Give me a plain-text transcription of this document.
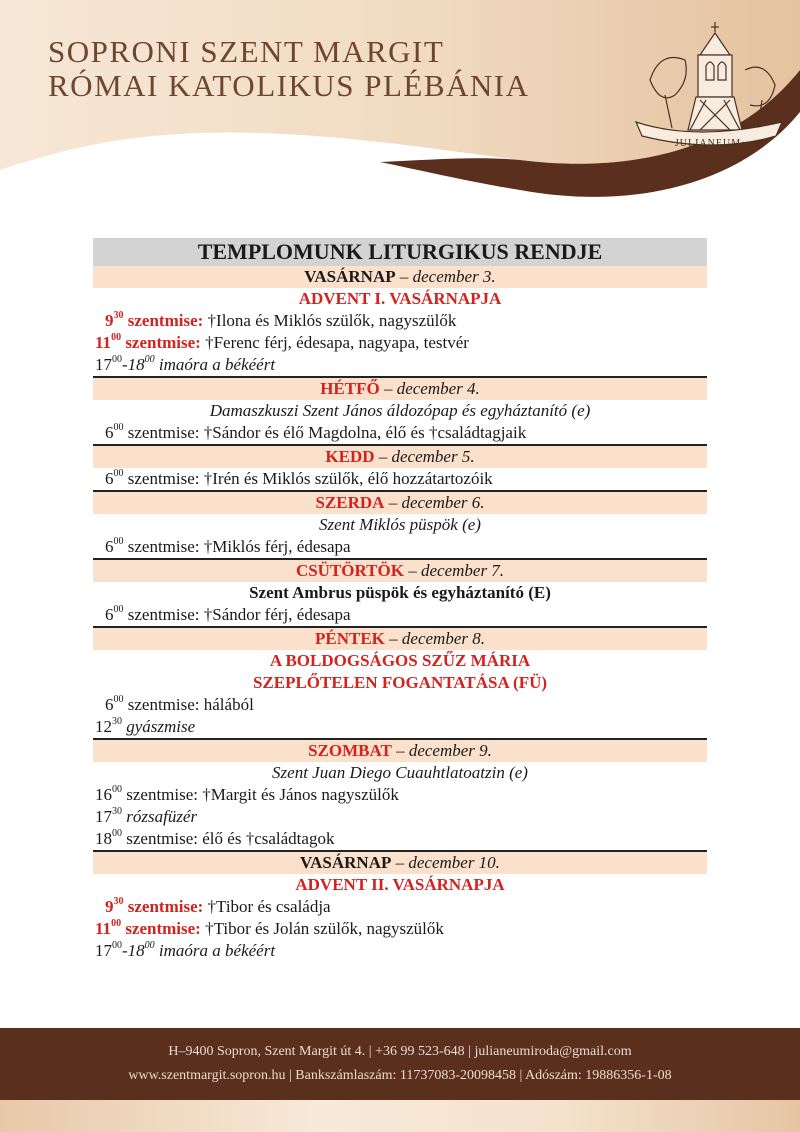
SOPRONI SZENT MARGIT
RÓMAI KATOLIKUS PLÉBÁNIA
·JULIANEUM·
TEMPLOMUNK LITURGIKUS RENDJE
VASÁRNAP – december 3.
ADVENT I. VASÁRNAPJA
$9^{30}$ szentmise: †Ilona és Miklós szülők, nagyszülők
$11^{00}$ szentmise: †Ferenc férj, édesapa, nagyapa, testvér
$17^{00}-18^{00}$ imaóra a békéért
HÉTFŐ – december 4.
Damaszkuszi Szent János áldozópap és egyháztanító (e)
$6^{00}$ szentmise: †Sándor és élő Magdolna, élő és †családtagjaik
KEDD – december 5.
$6^{00}$ szentmise: †Irén és Miklós szülők, élő hozzátartozóik
SZERDA – december 6.
Szent Miklós püspök (e)
$6^{00}$ szentmise: †Miklós férj, édesapa
CSÜTÖRTÖK – december 7.
Szent Ambrus püspök és egyháztanító (E)
$6^{00}$ szentmise: †Sándor férj, édesapa
PÉNTEK – december 8.
A BOLDOGSÁGOS SZŰZ MÁRIA
SZEPLŐTELEN FOGANTATÁSA (FÜ)
$6^{00}$ szentmise: hálából
$12^{30}$ gyászmise
SZOMBAT – december 9.
Szent Juan Diego Cuauhtlatoatzin (e)
$16^{00}$ szentmise: †Margit és János nagyszülők
$17^{30}$ rózsafüzér
$18^{00}$ szentmise: élő és †családtagok
VASÁRNAP – december 10.
ADVENT II. VASÁRNAPJA
$9^{30}$ szentmise: †Tibor és családja
$11^{00}$ szentmise: †Tibor és Jolán szülők, nagyszülők
$17^{00}-18^{00}$ imaóra a békéért
H–9400 Sopron, Szent Margit út 4. | +36 99 523-648 | julianeumiroda@gmail.com
www.szentmargit.sopron.hu | Bankszámlaszám: 11737083-20098458 | Adószám: 19886356-1-08
